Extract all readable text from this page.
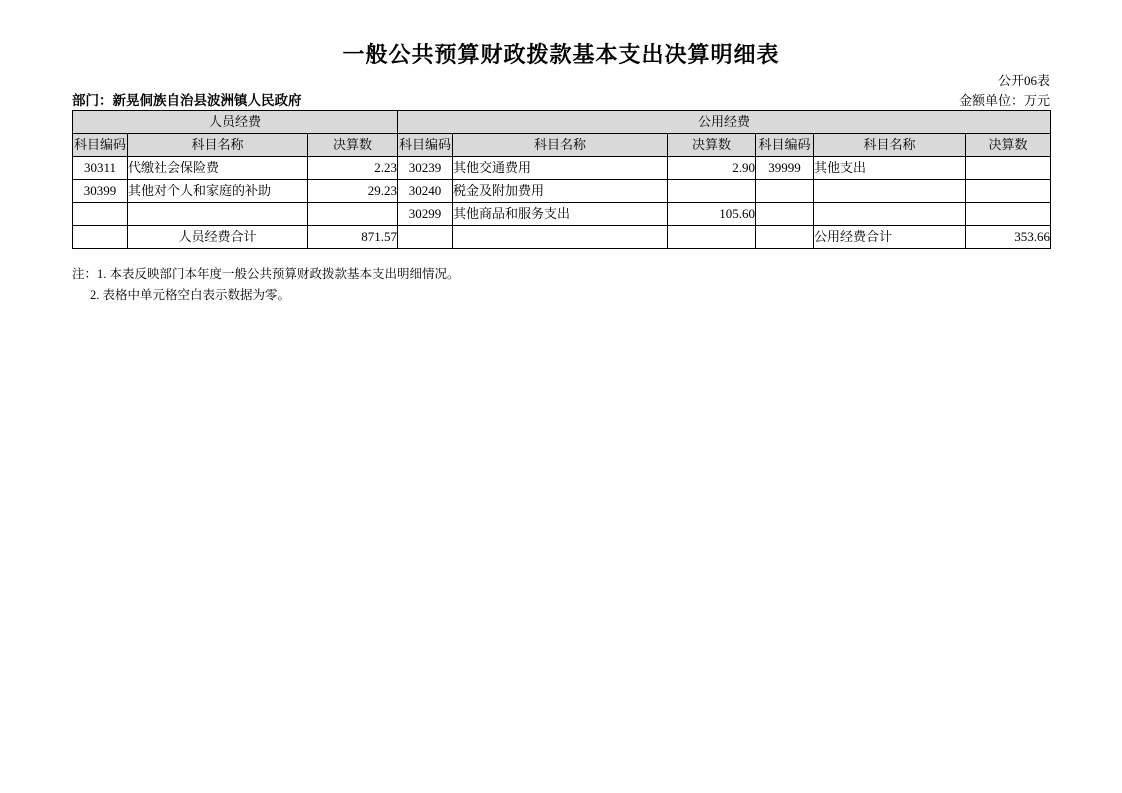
一般公共预算财政拨款基本支出决算明细表
公开06表
部门：新晃侗族自治县波洲镇人民政府	金额单位：万元
人员经费			公用经费					
科目编码	科目名称	决算数	科目编码	科目名称	决算数	科目编码	科目名称	决算数
30311	代缴社会保险费	2.23	30239	其他交通费用	2.90	39999	其他支出	
30399	其他对个人和家庭的补助	29.23	30240	税金及附加费用				
			30299	其他商品和服务支出	105.60			
	人员经费合计	871.57					公用经费合计	353.66
注：1. 本表反映部门本年度一般公共预算财政拨款基本支出明细情况。
2. 表格中单元格空白表示数据为零。
